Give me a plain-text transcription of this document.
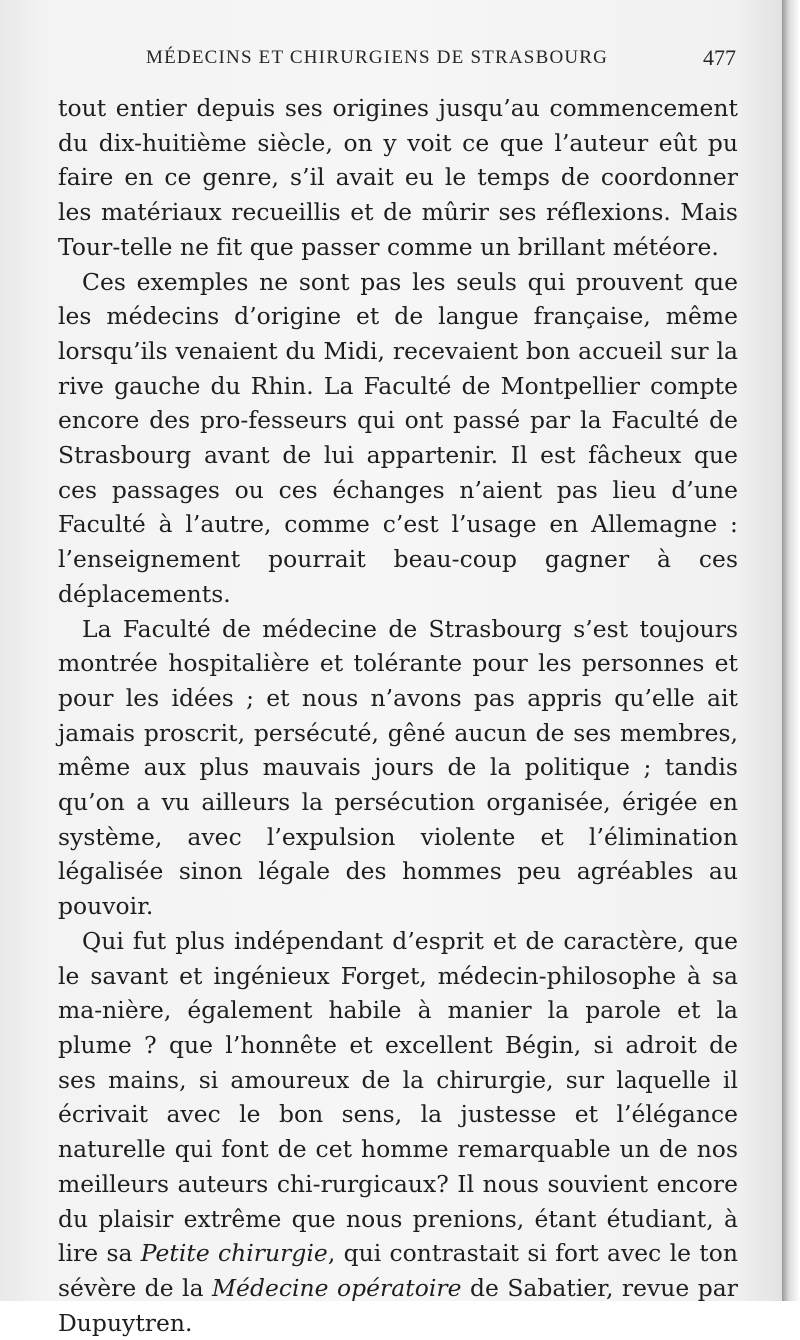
MÉDECINS ET CHIRURGIENS DE STRASBOURG	477

tout entier depuis ses origines jusqu’au commencement du dix-huitième siècle, on y voit ce que l’auteur eût pu faire en ce genre, s’il avait eu le temps de coordonner les matériaux recueillis et de mûrir ses réflexions. Mais Tour-telle ne fit que passer comme un brillant météore.

Ces exemples ne sont pas les seuls qui prouvent que les médecins d’origine et de langue française, même lorsqu’ils venaient du Midi, recevaient bon accueil sur la rive gauche du Rhin. La Faculté de Montpellier compte encore des pro-fesseurs qui ont passé par la Faculté de Strasbourg avant de lui appartenir. Il est fâcheux que ces passages ou ces échanges n’aient pas lieu d’une Faculté à l’autre, comme c’est l’usage en Allemagne : l’enseignement pourrait beau-coup gagner à ces déplacements.

La Faculté de médecine de Strasbourg s’est toujours montrée hospitalière et tolérante pour les personnes et pour les idées ; et nous n’avons pas appris qu’elle ait jamais proscrit, persécuté, gêné aucun de ses membres, même aux plus mauvais jours de la politique ; tandis qu’on a vu ailleurs la persécution organisée, érigée en système, avec l’expulsion violente et l’élimination légalisée sinon légale des hommes peu agréables au pouvoir.

Qui fut plus indépendant d’esprit et de caractère, que le savant et ingénieux Forget, médecin-philosophe à sa ma-nière, également habile à manier la parole et la plume ? que l’honnête et excellent Bégin, si adroit de ses mains, si amoureux de la chirurgie, sur laquelle il écrivait avec le bon sens, la justesse et l’élégance naturelle qui font de cet homme remarquable un de nos meilleurs auteurs chi-rurgicaux? Il nous souvient encore du plaisir extrême que nous prenions, étant étudiant, à lire sa Petite chirurgie, qui contrastait si fort avec le ton sévère de la Médecine opératoire de Sabatier, revue par Dupuytren.
